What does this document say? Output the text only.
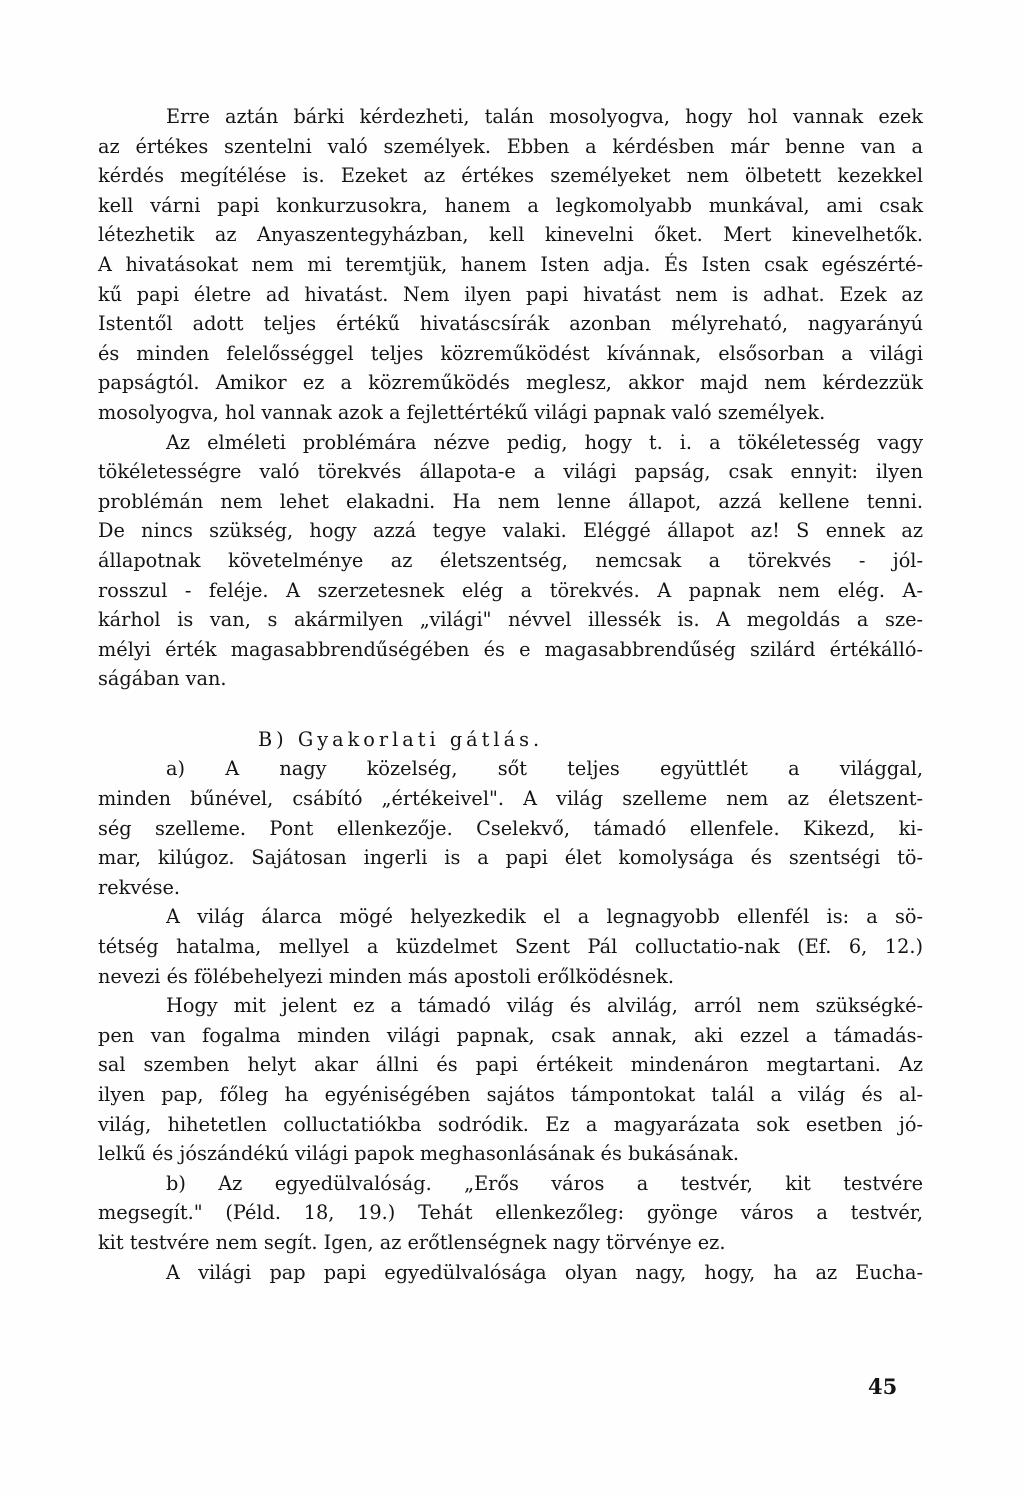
Erre aztán bárki kérdezheti, talán mosolyogva, hogy hol vannak ezek
az értékes szentelni való személyek. Ebben a kérdésben már benne van a
kérdés megítélése is. Ezeket az értékes személyeket nem ölbetett kezekkel
kell várni papi konkurzusokra, hanem a legkomolyabb munkával, ami csak
létezhetik az Anyaszentegyházban, kell kinevelni őket. Mert kinevelhetők.
A hivatásokat nem mi teremtjük, hanem Isten adja. És Isten csak egészérté-
kű papi életre ad hivatást. Nem ilyen papi hivatást nem is adhat. Ezek az
Istentől adott teljes értékű hivatáscsírák azonban mélyreható, nagyarányú
és minden felelősséggel teljes közreműködést kívánnak, elsősorban a világi
papságtól. Amikor ez a közreműködés meglesz, akkor majd nem kérdezzük
mosolyogva, hol vannak azok a fejlettértékű világi papnak való személyek.
Az elméleti problémára nézve pedig, hogy t. i. a tökéletesség vagy
tökéletességre való törekvés állapota-e a világi papság, csak ennyit: ilyen
problémán nem lehet elakadni. Ha nem lenne állapot, azzá kellene tenni.
De nincs szükség, hogy azzá tegye valaki. Eléggé állapot az! S ennek az
állapotnak követelménye az életszentség, nemcsak a törekvés - jól-
rosszul - feléje. A szerzetesnek elég a törekvés. A papnak nem elég. A-
kárhol is van, s akármilyen „világi" névvel illessék is. A megoldás a sze-
mélyi érték magasabbrendűségében és e magasabbrendűség szilárd értékálló-
ságában van.
B) Gyakorlati gátlás.
a) A nagy közelség, sőt teljes együttlét a világgal,
minden bűnével, csábító „értékeivel". A világ szelleme nem az életszent-
ség szelleme. Pont ellenkezője. Cselekvő, támadó ellenfele. Kikezd, ki-
mar, kilúgoz. Sajátosan ingerli is a papi élet komolysága és szentségi tö-
rekvése.
A világ álarca mögé helyezkedik el a legnagyobb ellenfél is: a sö-
tétség hatalma, mellyel a küzdelmet Szent Pál colluctatio-nak (Ef. 6, 12.)
nevezi és fölébehelyezi minden más apostoli erőlködésnek.
Hogy mit jelent ez a támadó világ és alvilág, arról nem szükségké-
pen van fogalma minden világi papnak, csak annak, aki ezzel a támadás-
sal szemben helyt akar állni és papi értékeit mindenáron megtartani. Az
ilyen pap, főleg ha egyéniségében sajátos támpontokat talál a világ és al-
világ, hihetetlen colluctatiókba sodródik. Ez a magyarázata sok esetben jó-
lelkű és jószándékú világi papok meghasonlásának és bukásának.
b) Az egyedülvalóság. „Erős város a testvér, kit testvére
megsegít." (Péld. 18, 19.) Tehát ellenkezőleg: gyönge város a testvér,
kit testvére nem segít. Igen, az erőtlenségnek nagy törvénye ez.
A világi pap papi egyedülvalósága olyan nagy, hogy, ha az Eucha-
45
